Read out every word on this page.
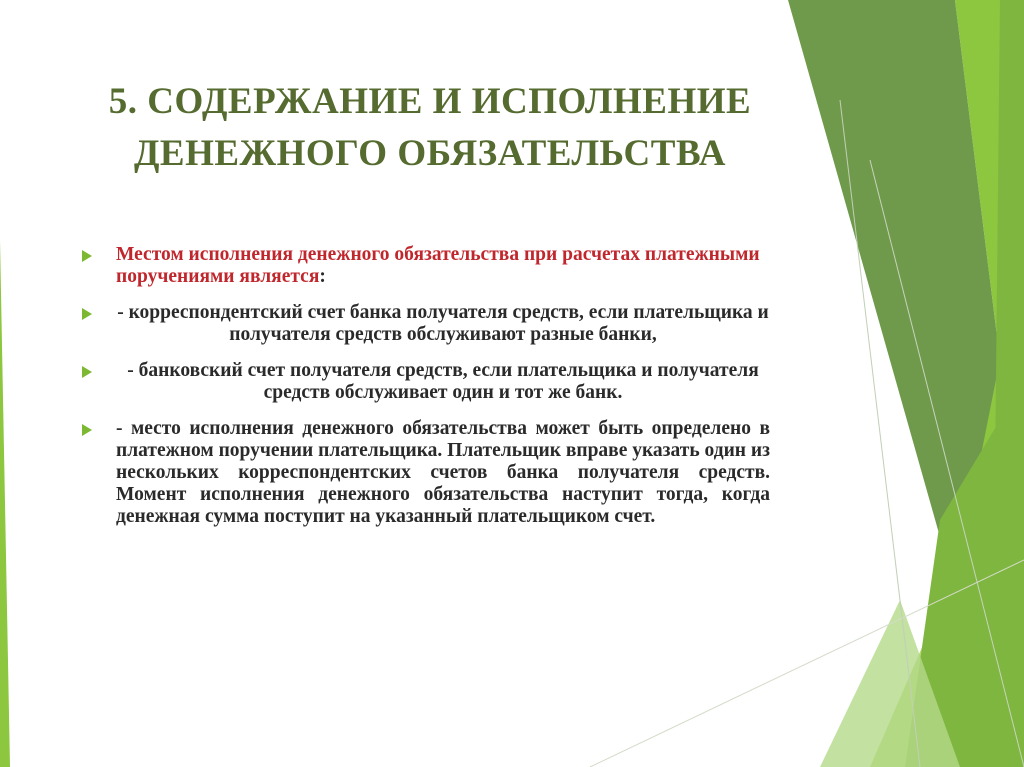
5. СОДЕРЖАНИЕ И ИСПОЛНЕНИЕ
ДЕНЕЖНОГО ОБЯЗАТЕЛЬСТВА
Местом исполнения денежного обязательства при расчетах платежными поручениями является:
- корреспондентский счет банка получателя средств, если плательщика и получателя средств обслуживают разные банки,
- банковский счет получателя средств, если плательщика и получателя средств обслуживает один и тот же банк.
- место исполнения денежного обязательства может быть определено в платежном поручении плательщика. Плательщик вправе указать один из нескольких корреспондентских счетов банка получателя средств. Момент исполнения денежного обязательства наступит тогда, когда денежная сумма поступит на указанный плательщиком счет.
